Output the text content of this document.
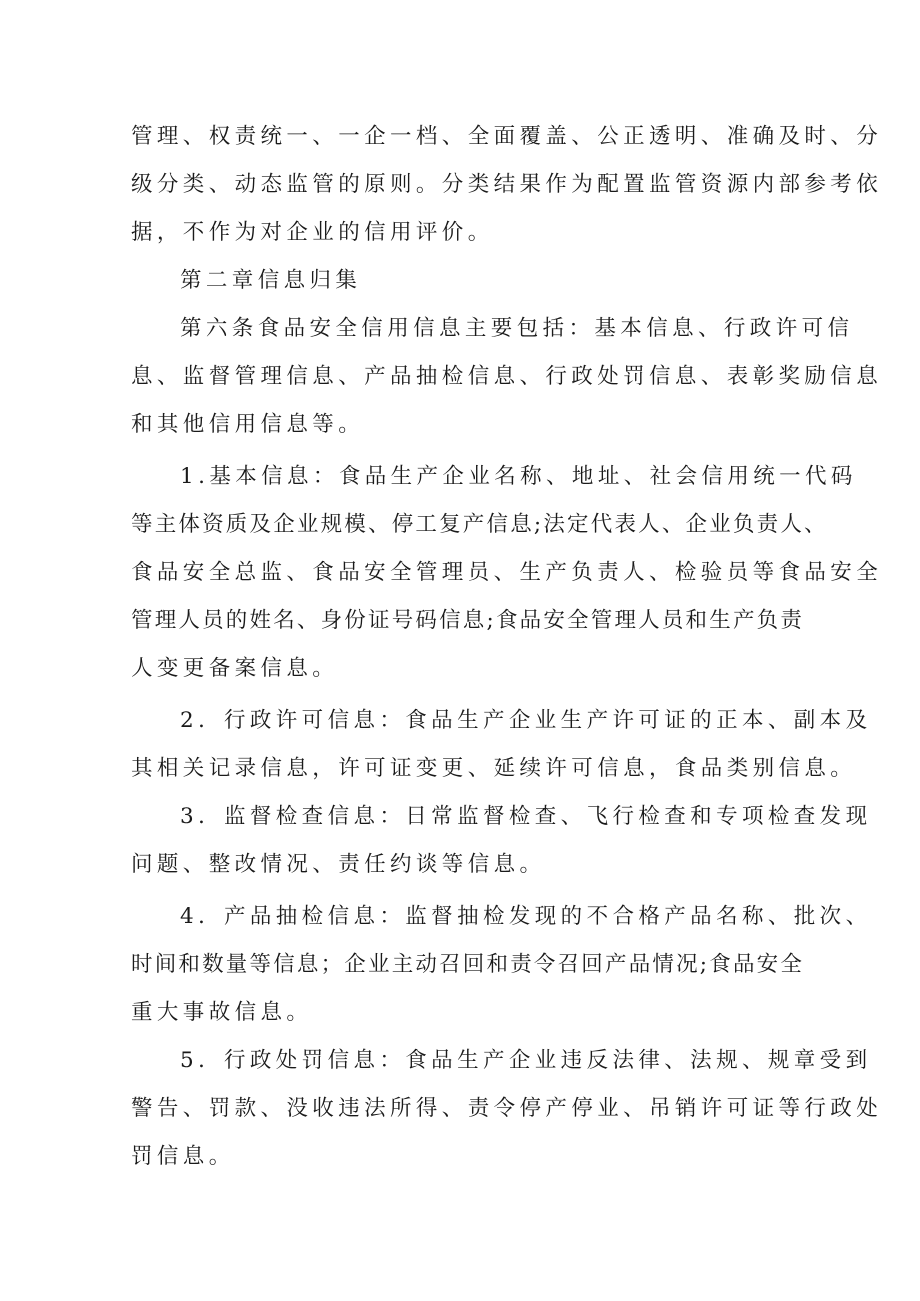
管理、权责统一、一企一档、全面覆盖、公正透明、准确及时、分
级分类、动态监管的原则。分类结果作为配置监管资源内部参考依
据，不作为对企业的信用评价。
第二章信息归集
第六条食品安全信用信息主要包括：基本信息、行政许可信
息、监督管理信息、产品抽检信息、行政处罚信息、表彰奖励信息
和其他信用信息等。
1.基本信息：食品生产企业名称、地址、社会信用统一代码
等主体资质及企业规模、停工复产信息;法定代表人、企业负责人、
食品安全总监、食品安全管理员、生产负责人、检验员等食品安全
管理人员的姓名、身份证号码信息;食品安全管理人员和生产负责
人变更备案信息。
2．行政许可信息：食品生产企业生产许可证的正本、副本及
其相关记录信息，许可证变更、延续许可信息，食品类别信息。
3．监督检查信息：日常监督检查、飞行检查和专项检查发现
问题、整改情况、责任约谈等信息。
4．产品抽检信息：监督抽检发现的不合格产品名称、批次、
时间和数量等信息；企业主动召回和责令召回产品情况;食品安全
重大事故信息。
5．行政处罚信息：食品生产企业违反法律、法规、规章受到
警告、罚款、没收违法所得、责令停产停业、吊销许可证等行政处
罚信息。
